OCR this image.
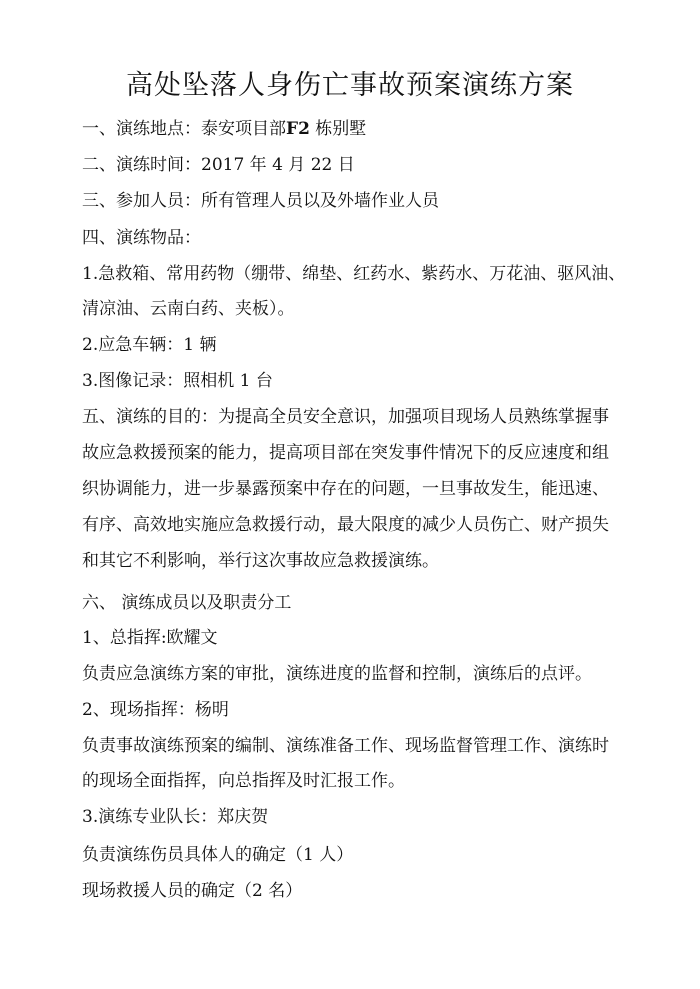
高处坠落人身伤亡事故预案演练方案
一、演练地点：泰安项目部F2 栋别墅
二、演练时间：2017 年 4 月 22 日
三、参加人员：所有管理人员以及外墙作业人员
四、演练物品：
1.急救箱、常用药物（绷带、绵垫、红药水、紫药水、万花油、驱风油、
清凉油、云南白药、夹板）。
2.应急车辆：1 辆
3.图像记录：照相机 1 台
五、演练的目的：为提高全员安全意识，加强项目现场人员熟练掌握事
故应急救援预案的能力，提高项目部在突发事件情况下的反应速度和组
织协调能力，进一步暴露预案中存在的问题，一旦事故发生，能迅速、
有序、高效地实施应急救援行动，最大限度的减少人员伤亡、财产损失
和其它不利影响，举行这次事故应急救援演练。
六、 演练成员以及职责分工
1、总指挥:欧耀文
负责应急演练方案的审批，演练进度的监督和控制，演练后的点评。
2、现场指挥：杨明
负责事故演练预案的编制、演练准备工作、现场监督管理工作、演练时
的现场全面指挥，向总指挥及时汇报工作。
3.演练专业队长：郑庆贺
负责演练伤员具体人的确定（1 人）
现场救援人员的确定（2 名）
